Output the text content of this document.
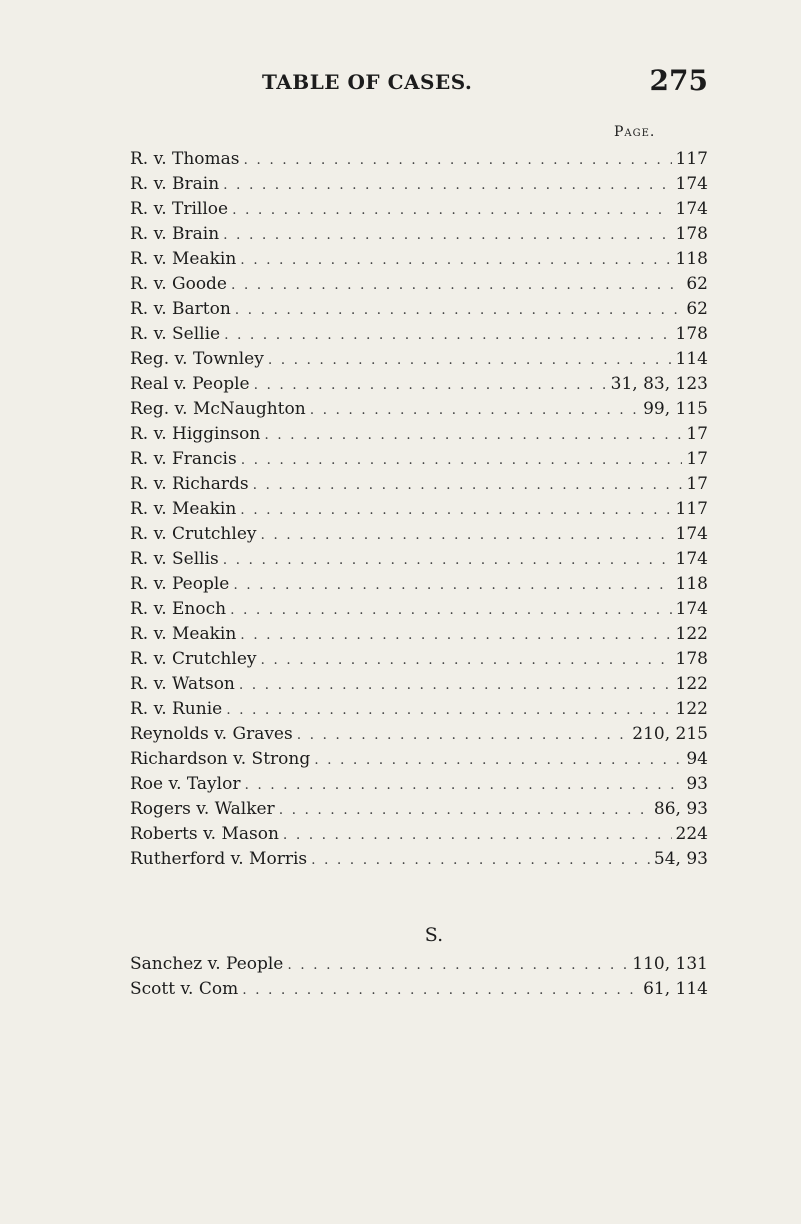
TABLE OF CASES.	275
Page.
R. v. Thomas . . .	117
R. v. Brain . . .	174
R. v. Trilloe . . .	174
R. v. Brain . . .	178
R. v. Meakin . . .	118
R. v. Goode . . .	62
R. v. Barton . . .	62
R. v. Sellie . . .	178
Reg. v. Townley . . .	114
Real v. People . . .	31, 83, 123
Reg. v. McNaughton . . .	99, 115
R. v. Higginson . . .	17
R. v. Francis . . .	17
R. v. Richards . . .	17
R. v. Meakin . . .	117
R. v. Crutchley . . .	174
R. v. Sellis . . .	174
R. v. People . . .	118
R. v. Enoch . . .	174
R. v. Meakin . . .	122
R. v. Crutchley . . .	178
R. v. Watson . . .	122
R. v. Runie . . .	122
Reynolds v. Graves . . .	210, 215
Richardson v. Strong . . .	94
Roe v. Taylor . . .	93
Rogers v. Walker . . .	86, 93
Roberts v. Mason . . .	224
Rutherford v. Morris . . .	54, 93
S.
Sanchez v. People . . .	110, 131
Scott v. Com . . .	61, 114
